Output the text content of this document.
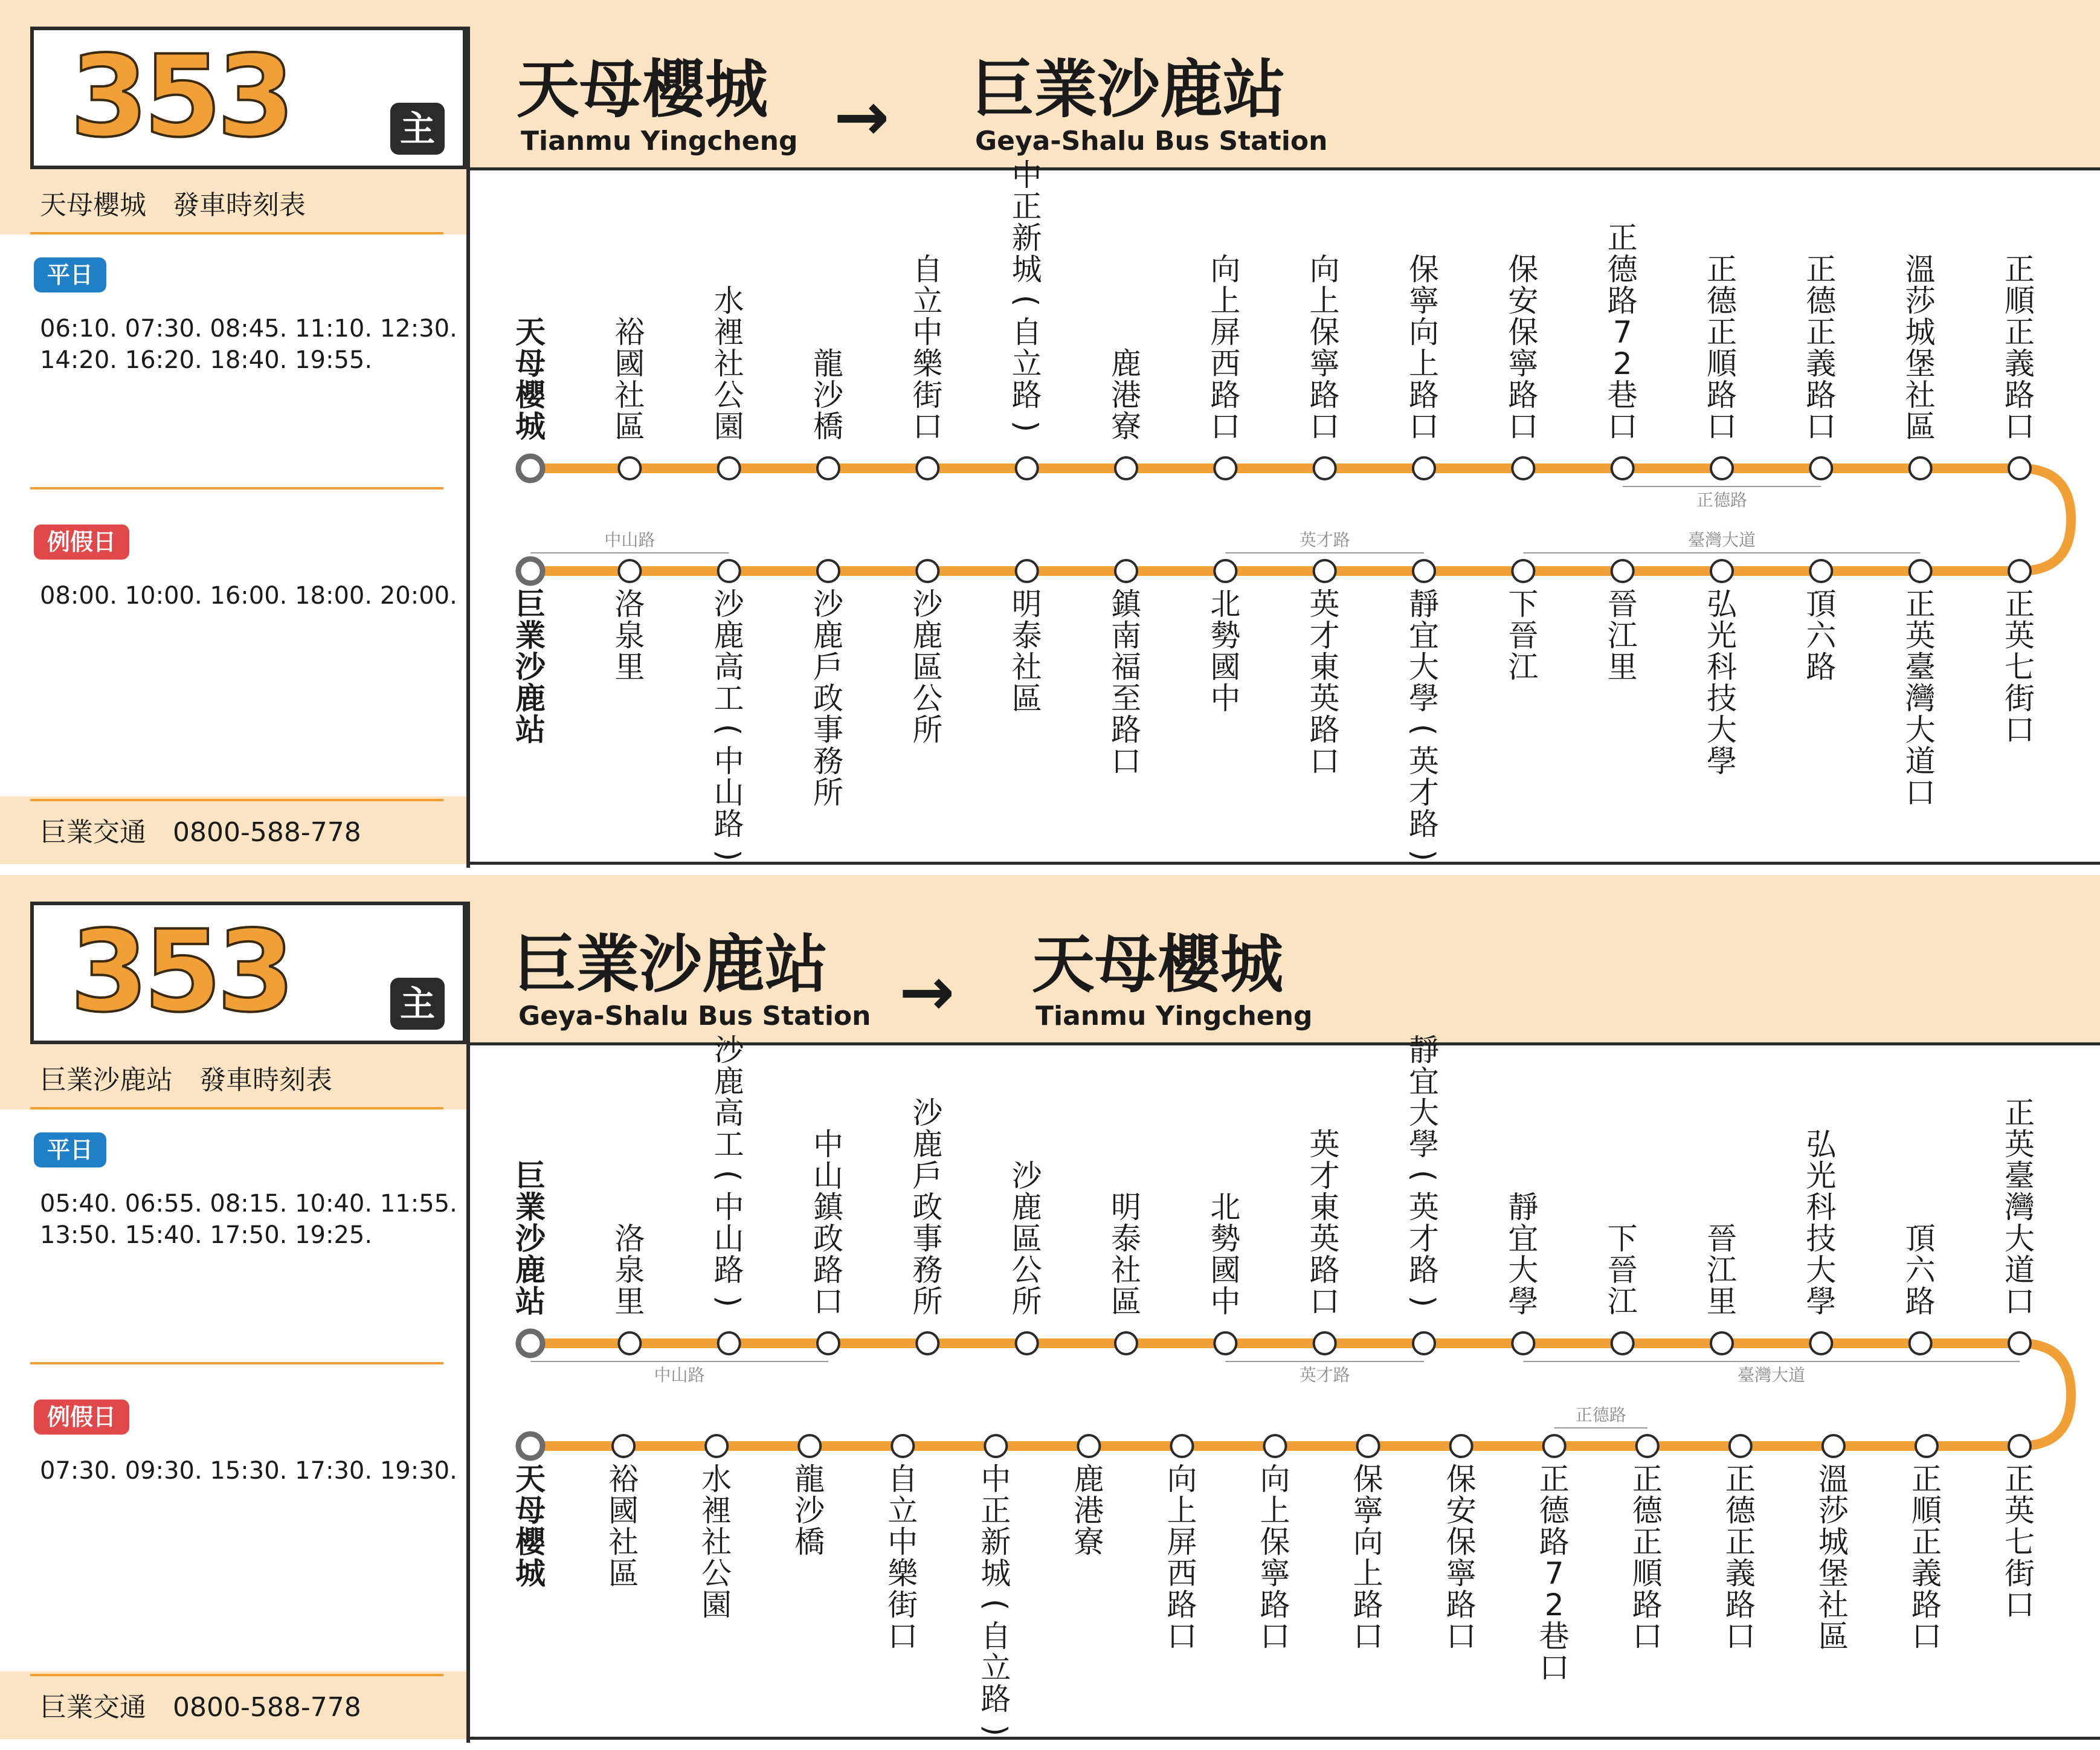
353	主
天母櫻城
Tianmu Yingcheng → 巨業沙鹿站
Geya-Shalu Bus Station
天母櫻城　發車時刻表
平日
06:10. 07:30. 08:45. 11:10. 12:30.
14:20. 16:20. 18:40. 19:55.
例假日
08:00. 10:00. 16:00. 18:00. 20:00.
巨業交通　0800-588-778
正德路
中山路	英才路	臺灣大道
天
母
櫻
城
裕
國
社
區
水
裡
社
公
園
龍
沙
橋
自
立
中
樂
街
口
中
正
新
城
(
自
立
路
)
鹿
港
寮
向
上
屏
西
路
口
向
上
保
寧
路
口
保
寧
向
上
路
口
保
安
保
寧
路
口
正
德
路
7
2
巷
口
正
德
正
順
路
口
正
德
正
義
路
口
溫
莎
城
堡
社
區
正
順
正
義
路
口
巨
業
沙
鹿
站
洛
泉
里
沙
鹿
高
工
(
中
山
路
)
沙
鹿
戶
政
事
務
所
沙
鹿
區
公
所
明
泰
社
區
鎮
南
福
至
路
口
北
勢
國
中
英
才
東
英
路
口
靜
宜
大
學
(
英
才
路
)
下
晉
江
晉
江
里
弘
光
科
技
大
學
頂
六
路
正
英
臺
灣
大
道
口
正
英
七
街
口
353	主
巨業沙鹿站
Geya-Shalu Bus Station → 天母櫻城
Tianmu Yingcheng
巨業沙鹿站　發車時刻表
平日
05:40. 06:55. 08:15. 10:40. 11:55.
13:50. 15:40. 17:50. 19:25.
例假日
07:30. 09:30. 15:30. 17:30. 19:30.
巨業交通　0800-588-778
中山路	英才路	臺灣大道
正德路
巨
業
沙
鹿
站
洛
泉
里
沙
鹿
高
工
(
中
山
路
)
中
山
鎮
政
路
口
沙
鹿
戶
政
事
務
所
沙
鹿
區
公
所
明
泰
社
區
北
勢
國
中
英
才
東
英
路
口
靜
宜
大
學
(
英
才
路
)
靜
宜
大
學
下
晉
江
晉
江
里
弘
光
科
技
大
學
頂
六
路
正
英
臺
灣
大
道
口
天
母
櫻
城
裕
國
社
區
水
裡
社
公
園
龍
沙
橋
自
立
中
樂
街
口
中
正
新
城
(
自
立
路
)
鹿
港
寮
向
上
屏
西
路
口
向
上
保
寧
路
口
保
寧
向
上
路
口
保
安
保
寧
路
口
正
德
路
7
2
巷
口
正
德
正
順
路
口
正
德
正
義
路
口
溫
莎
城
堡
社
區
正
順
正
義
路
口
正
英
七
街
口
